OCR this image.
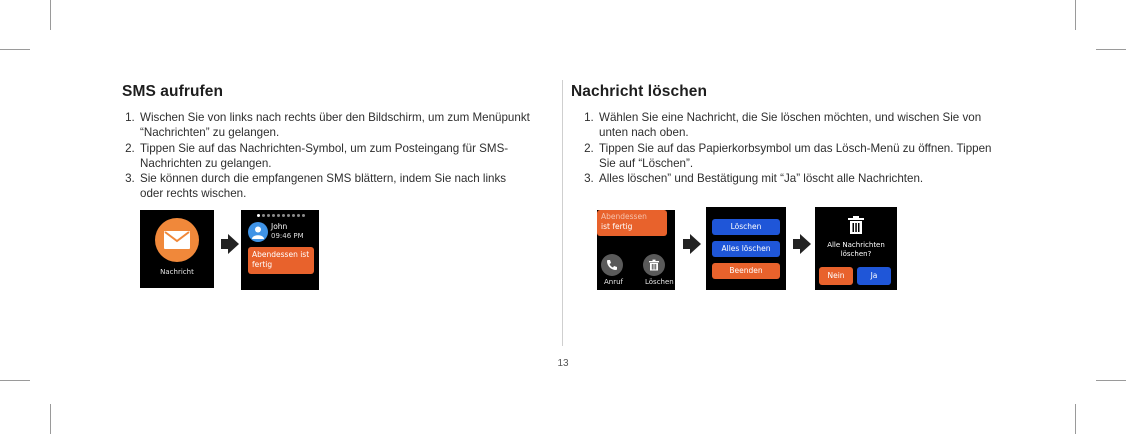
13
SMS aufrufen
1. Wischen Sie von links nach rechts über den Bildschirm, um zum Menüpunkt “Nachrichten” zu gelangen.
2. Tippen Sie auf das Nachrichten-Symbol, um zum Posteingang für SMS-Nachrichten zu gelangen.
3. Sie können durch die empfangenen SMS blättern, indem Sie nach links oder rechts wischen.
Nachricht löschen
1. Wählen Sie eine Nachricht, die Sie löschen möchten, und wischen Sie von unten nach oben.
2. Tippen Sie auf das Papierkorbsymbol um das Lösch-Menü zu öffnen. Tippen Sie auf “Löschen”.
3. Alles löschen” und Bestätigung mit “Ja” löscht alle Nachrichten.
Nachricht
John
09:46 PM
Abendessen ist fertig
Abendessen
ist fertig
Anruf	Löschen
Löschen
Alles löschen
Beenden
Alle Nachrichten löschen?
Nein	Ja
